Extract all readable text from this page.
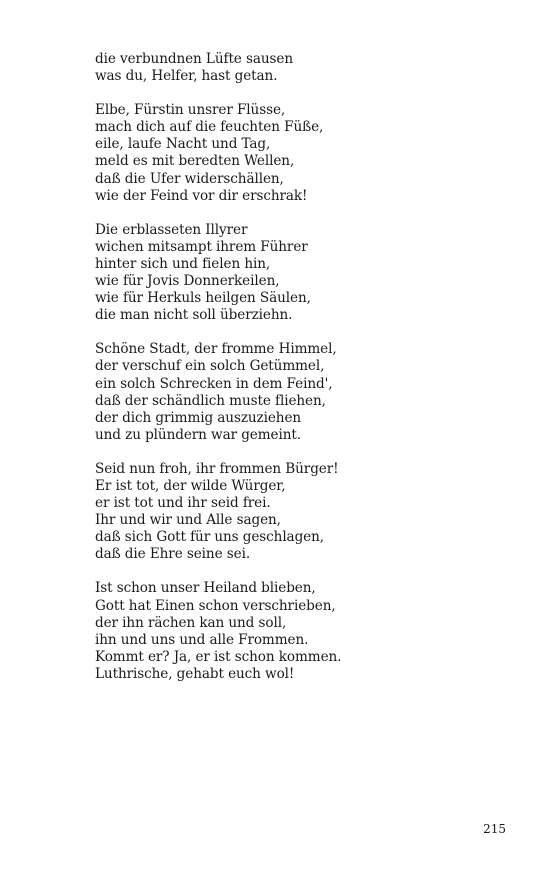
die verbundnen Lüfte sausen
was du, Helfer, hast getan.
Elbe, Fürstin unsrer Flüsse,
mach dich auf die feuchten Füße,
eile, laufe Nacht und Tag,
meld es mit beredten Wellen,
daß die Ufer widerschällen,
wie der Feind vor dir erschrak!
Die erblasseten Illyrer
wichen mitsampt ihrem Führer
hinter sich und fielen hin,
wie für Jovis Donnerkeilen,
wie für Herkuls heilgen Säulen,
die man nicht soll überziehn.
Schöne Stadt, der fromme Himmel,
der verschuf ein solch Getümmel,
ein solch Schrecken in dem Feind',
daß der schändlich muste fliehen,
der dich grimmig auszuziehen
und zu plündern war gemeint.
Seid nun froh, ihr frommen Bürger!
Er ist tot, der wilde Würger,
er ist tot und ihr seid frei.
Ihr und wir und Alle sagen,
daß sich Gott für uns geschlagen,
daß die Ehre seine sei.
Ist schon unser Heiland blieben,
Gott hat Einen schon verschrieben,
der ihn rächen kan und soll,
ihn und uns und alle Frommen.
Kommt er? Ja, er ist schon kommen.
Luthrische, gehabt euch wol!
215
